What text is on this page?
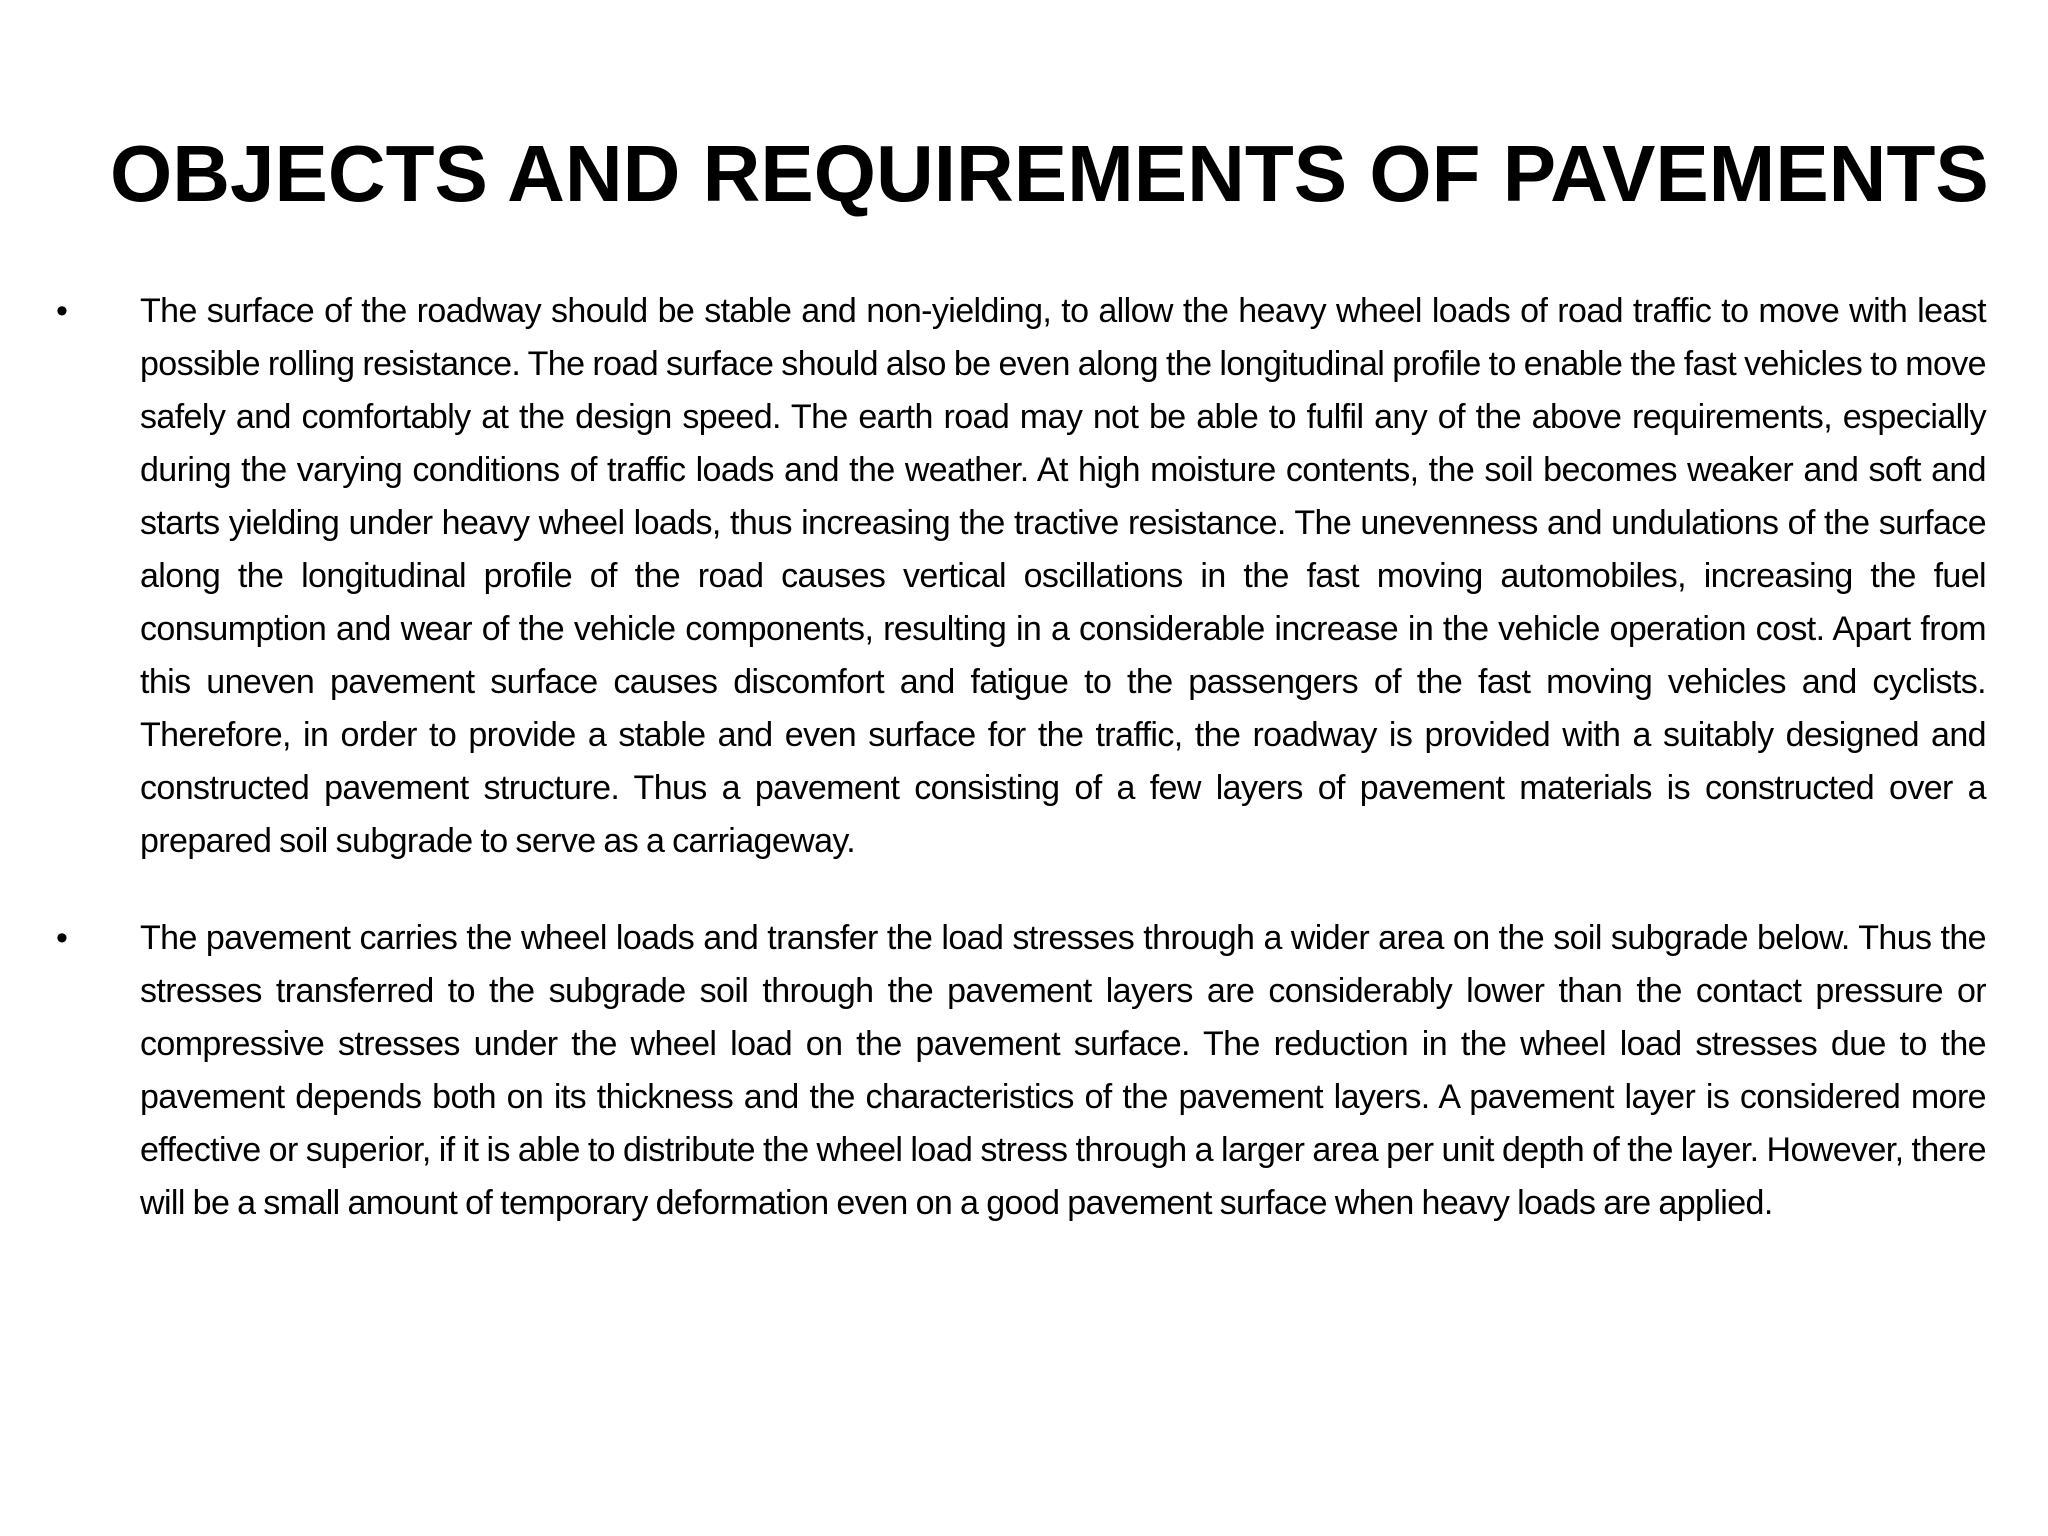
OBJECTS AND REQUIREMENTS OF PAVEMENTS
•	The surface of the roadway should be stable and non-yielding, to allow the heavy wheel loads of road traffic to move with least possible rolling resistance. The road surface should also be even along the longitudinal profile to enable the fast vehicles to move safely and comfortably at the design speed. The earth road may not be able to fulfil any of the above requirements, especially during the varying conditions of traffic loads and the weather. At high moisture contents, the soil becomes weaker and soft and starts yielding under heavy wheel loads, thus increasing the tractive resistance. The unevenness and undulations of the surface along the longitudinal profile of the road causes vertical oscillations in the fast moving automobiles, increasing the fuel consumption and wear of the vehicle components, resulting in a considerable increase in the vehicle operation cost. Apart from this uneven pavement surface causes discomfort and fatigue to the passengers of the fast moving vehicles and cyclists. Therefore, in order to provide a stable and even surface for the traffic, the roadway is provided with a suitably designed and constructed pavement structure. Thus a pavement consisting of a few layers of pavement materials is constructed over a prepared soil subgrade to serve as a carriageway.
•	The pavement carries the wheel loads and transfer the load stresses through a wider area on the soil subgrade below. Thus the stresses transferred to the subgrade soil through the pavement layers are considerably lower than the contact pressure or compressive stresses under the wheel load on the pavement surface. The reduction in the wheel load stresses due to the pavement depends both on its thickness and the characteristics of the pavement layers. A pavement layer is considered more effective or superior, if it is able to distribute the wheel load stress through a larger area per unit depth of the layer. However, there will be a small amount of temporary deformation even on a good pavement surface when heavy loads are applied.
